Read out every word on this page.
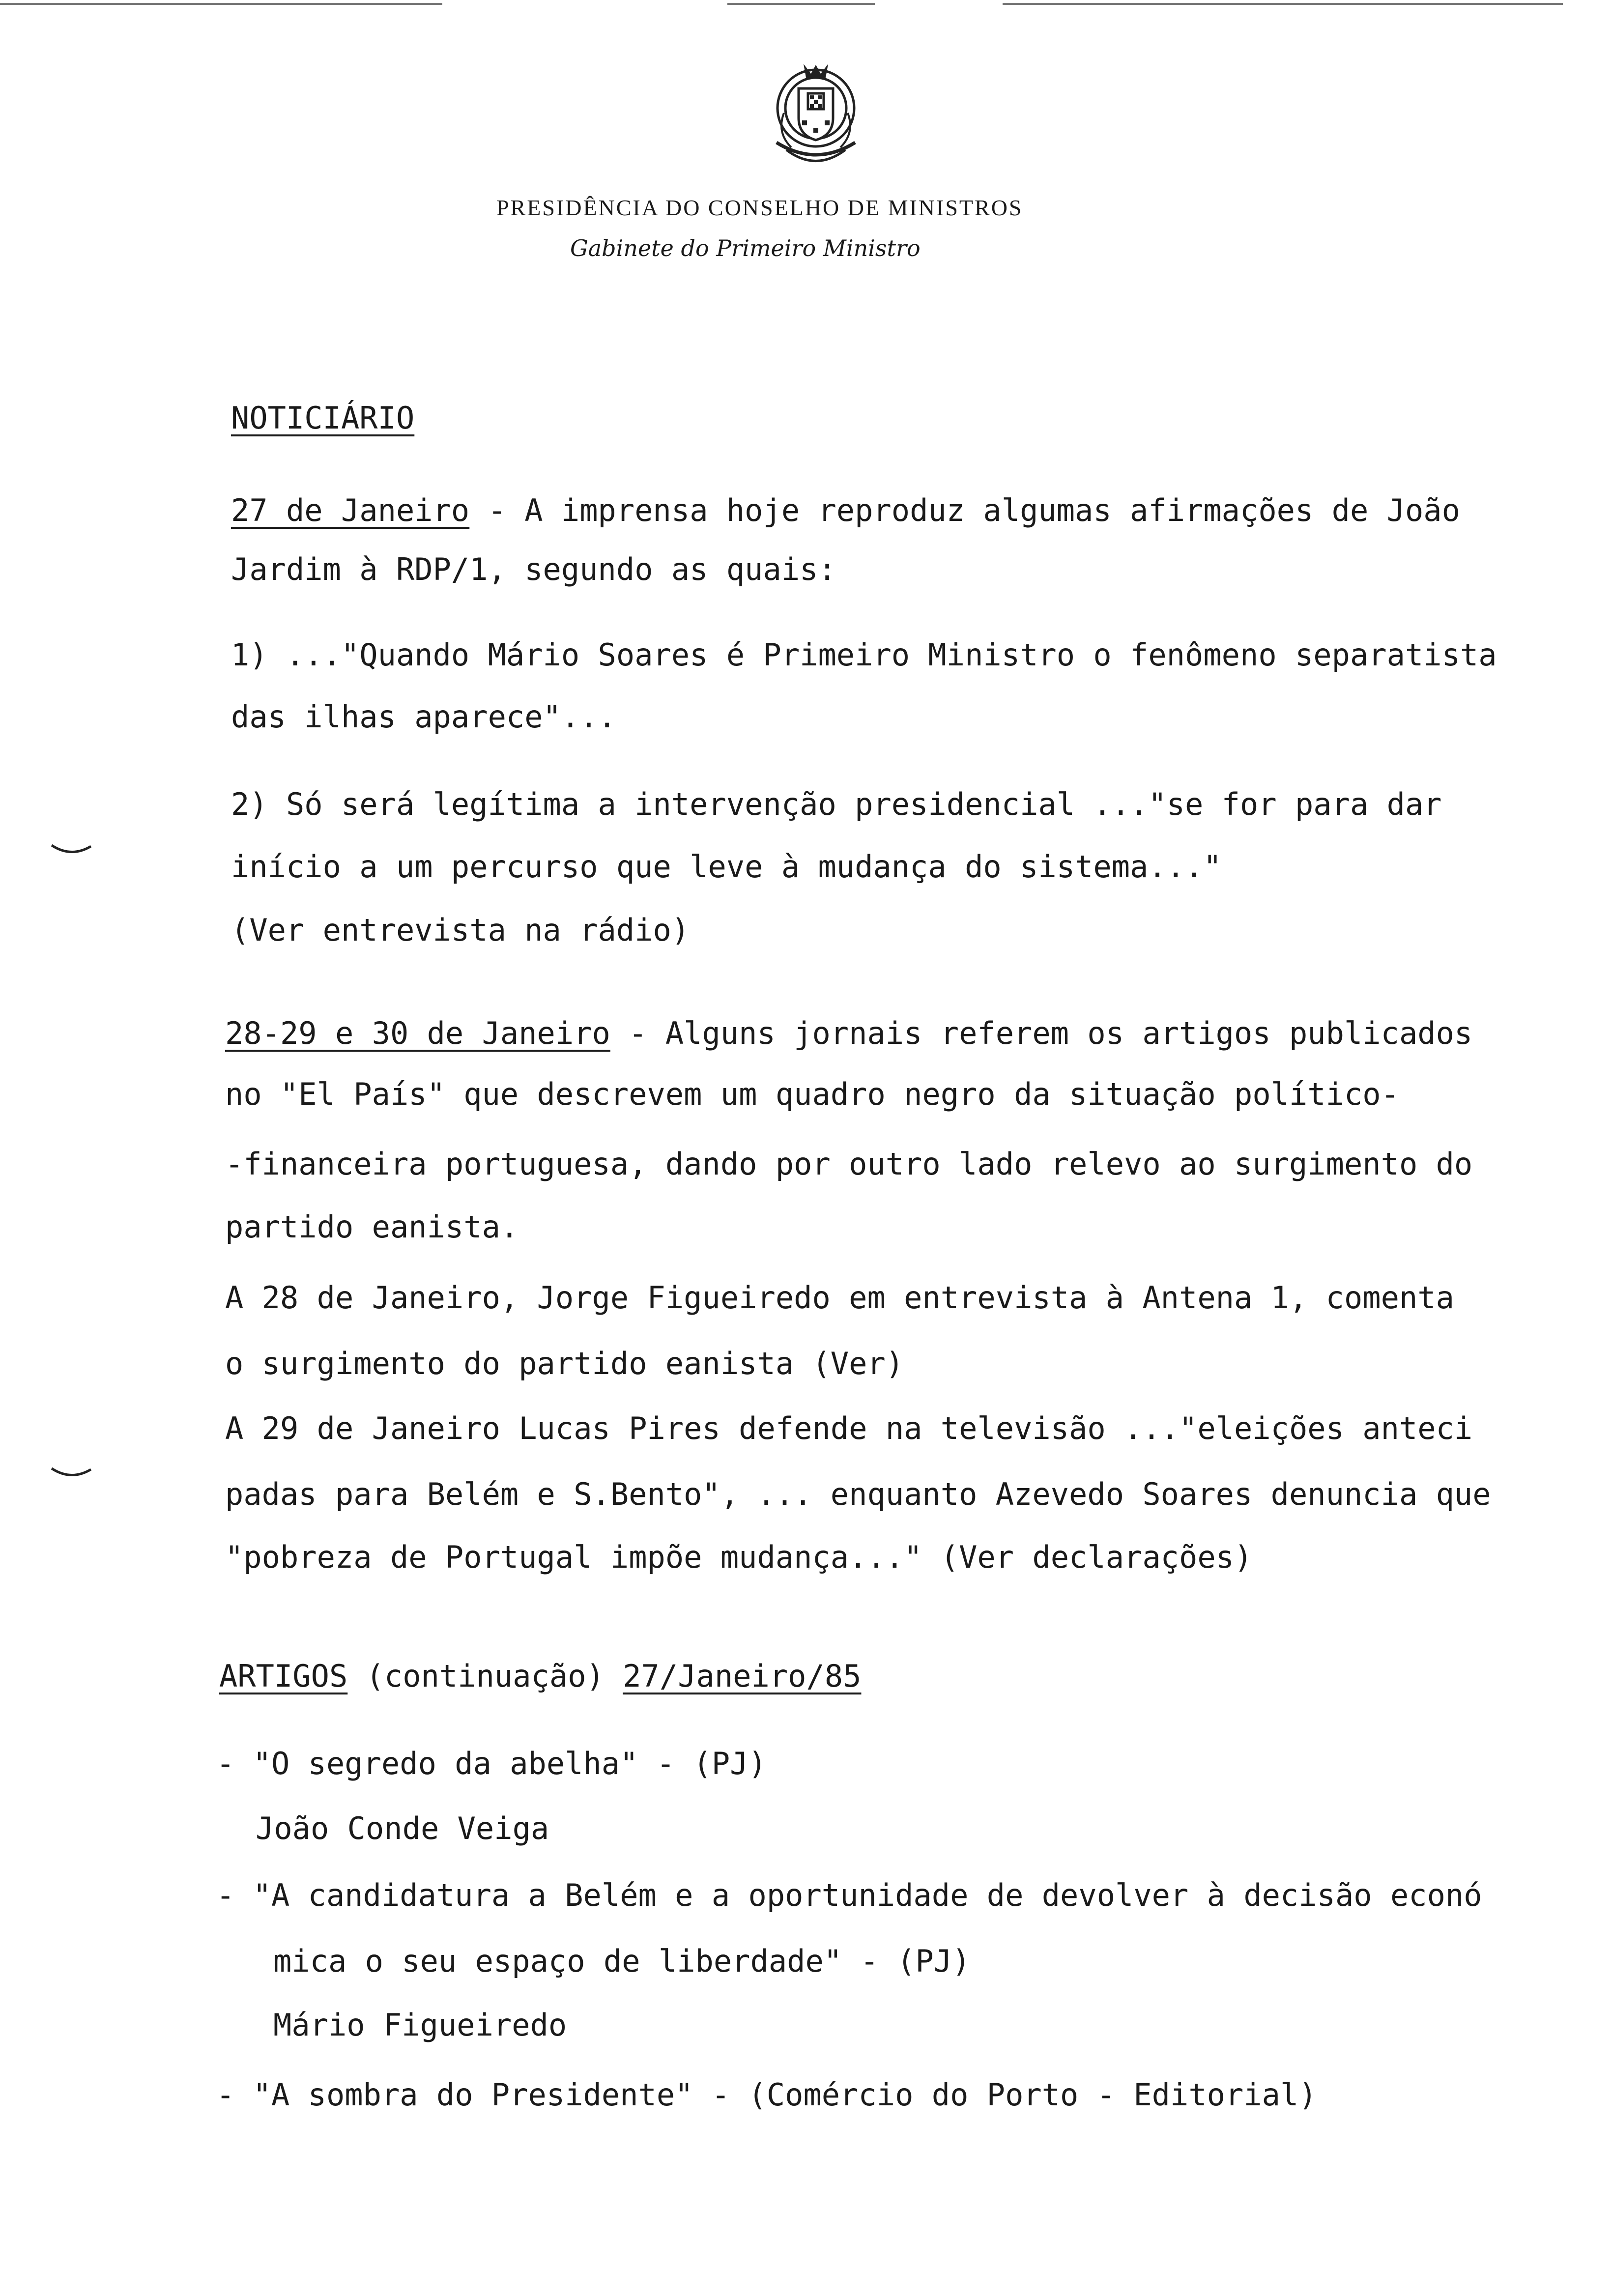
PRESIDÊNCIA DO CONSELHO DE MINISTROS
Gabinete do Primeiro Ministro
NOTICIÁRIO
27 de Janeiro - A imprensa hoje reproduz algumas afirmações de João
Jardim à RDP/1, segundo as quais:
1) ..."Quando Mário Soares é Primeiro Ministro o fenômeno separatista
das ilhas aparece"...
2) Só será legítima a intervenção presidencial ..."se for para dar
início a um percurso que leve à mudança do sistema..."
(Ver entrevista na rádio)
28-29 e 30 de Janeiro - Alguns jornais referem os artigos publicados
no "El País" que descrevem um quadro negro da situação político-
-financeira portuguesa, dando por outro lado relevo ao surgimento do
partido eanista.
A 28 de Janeiro, Jorge Figueiredo em entrevista à Antena 1, comenta
o surgimento do partido eanista (Ver)
A 29 de Janeiro Lucas Pires defende na televisão ..."eleições anteci
padas para Belém e S.Bento", ... enquanto Azevedo Soares denuncia que
"pobreza de Portugal impõe mudança..." (Ver declarações)
ARTIGOS (continuação) 27/Janeiro/85
- "O segredo da abelha" - (PJ)
João Conde Veiga
- "A candidatura a Belém e a oportunidade de devolver à decisão econó
mica o seu espaço de liberdade" - (PJ)
Mário Figueiredo
- "A sombra do Presidente" - (Comércio do Porto - Editorial)
